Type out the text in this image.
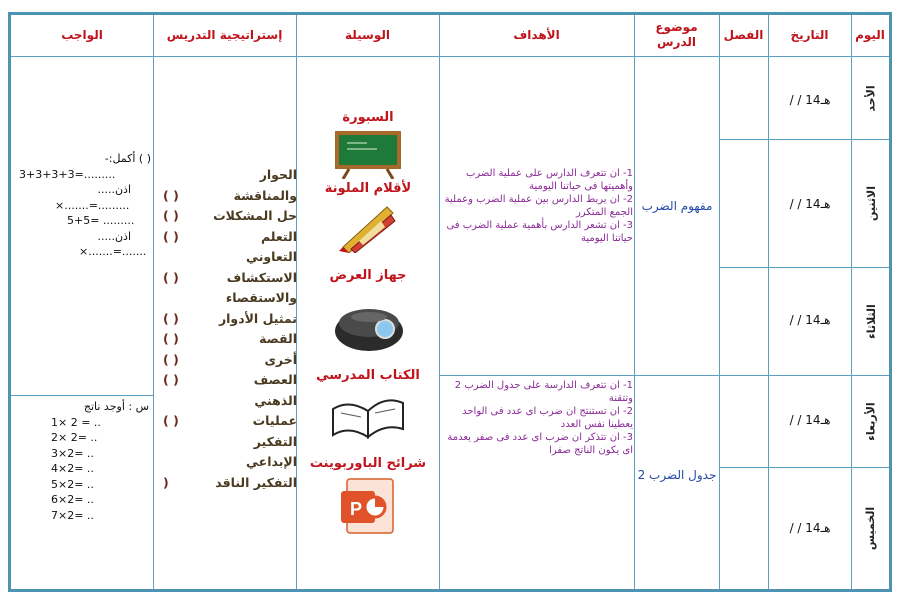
اليوم
التاريخ
الفصل
موضوع الدرس
الأهداف
الوسيلة
إستراتيجية التدريس
الواجب
الأحد
الاثنين
الثلاثاء
الأربعاء
الخميس
/ / 14هـ
/ / 14هـ
/ / 14هـ
/ / 14هـ
/ / 14هـ
مفهوم الضرب
جدول الضرب 2
1- ان تتعرف الدارس على عملية الضرب وأهميتها فى حياتنا اليومية
2- ان يربط الدارس بين عملية الضرب وعملية الجمع المتكرر
3- ان تشعر الدارس بأهمية عملية الضرب فى حياتنا اليومية
1- ان تتعرف الدارسة على جدول الضرب 2 وتتقنة
2- ان تستنتج ان ضرب اى عدد فى الواحد يعطينا نفس العدد
3- ان تتذكر ان ضرب اى عدد فى صفر يعدمة اى يكون الناتج صفرا
السبورة
لأقلام الملونة
جهاز العرض
الكتاب المدرسي
شرائح الباوربوينت
P
الحوار
والمناقشة
( )
حل المشكلات
( )
التعلم التعاوني
( )
الاستكشاف
( )
والاستقصاء
تمثيل الأدوار
( )
القصة
( )
أخرى
( )
العصف
( )
الذهني
عمليات
( )
التفكير
الإبداعي
التفكير الناقد
(
( ) أكمل:-
3+3+3+3=.........
اذن.....
×.......=.........
5+5= .........
اذن.....
×.......=.......
س : أوجد ناتج
1× 2 = ..
2× 2= ..
3×2= ..
4×2= ..
5×2= ..
6×2= ..
7×2= ..
